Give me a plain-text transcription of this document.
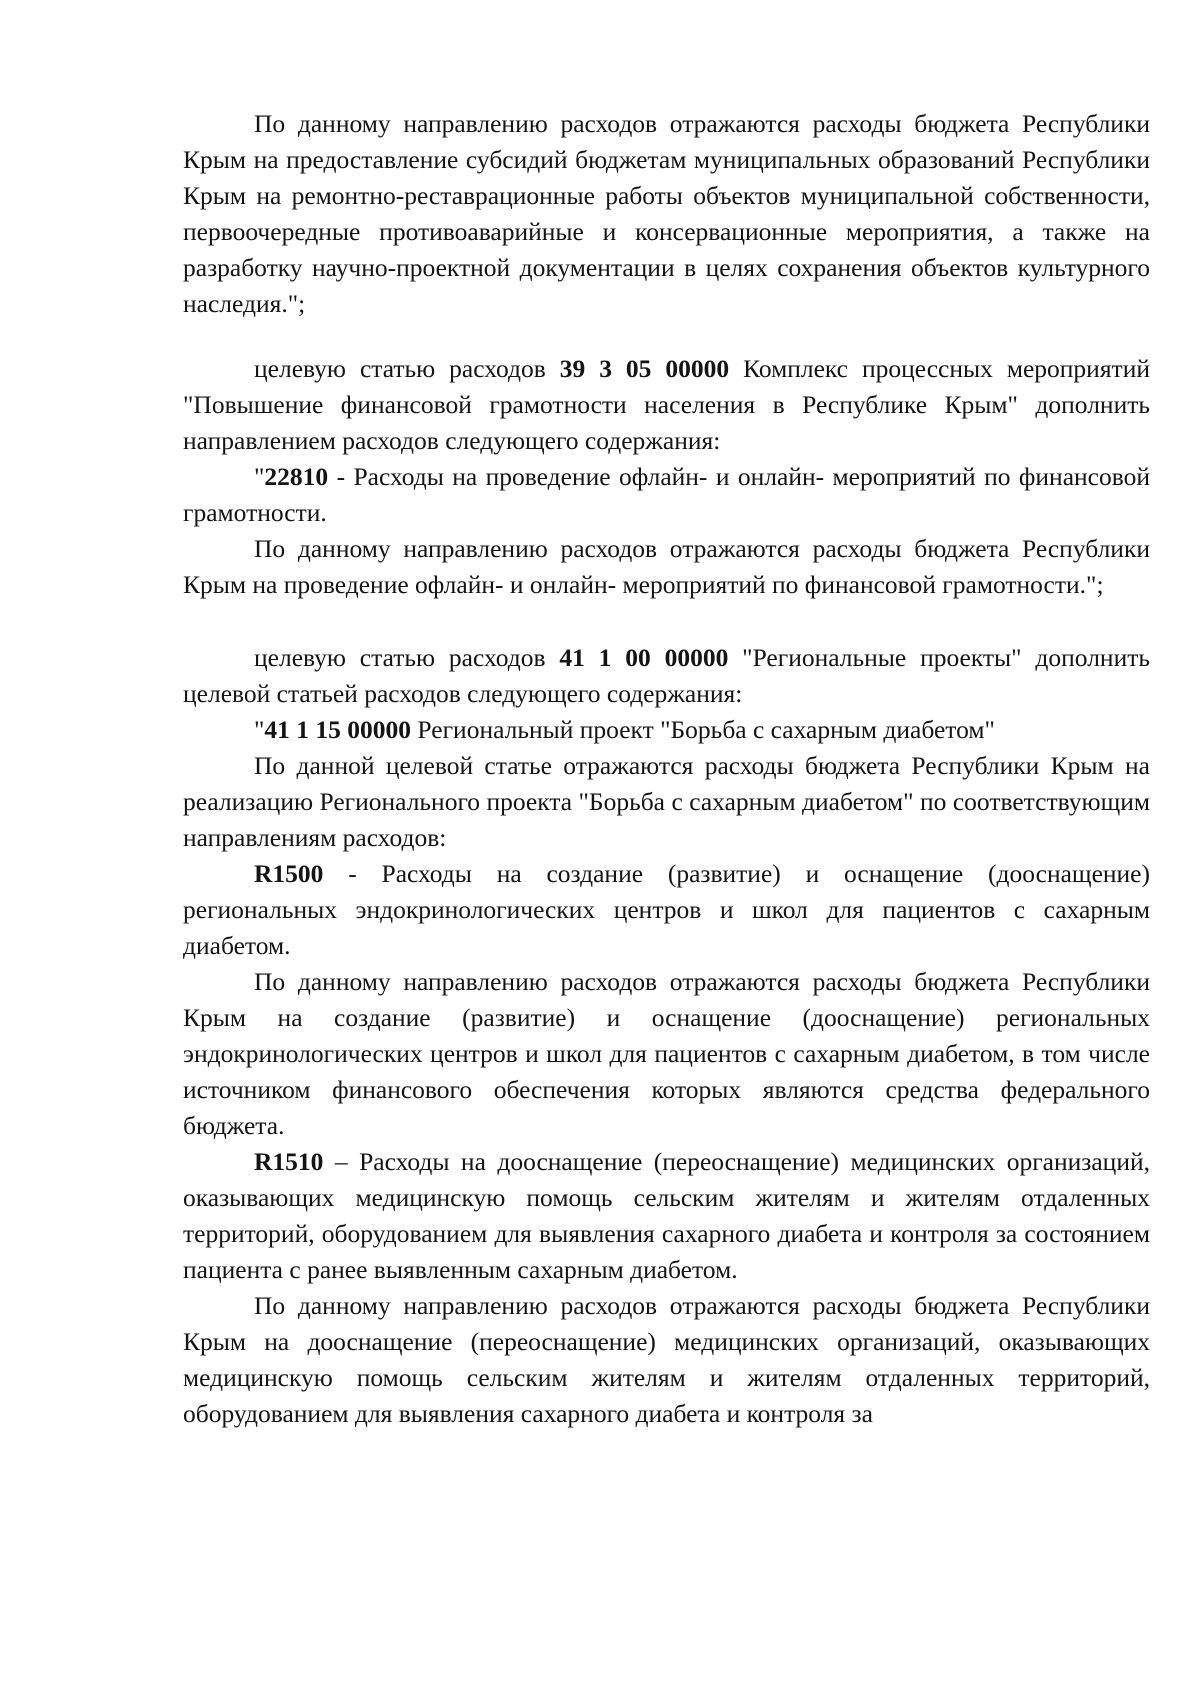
По данному направлению расходов отражаются расходы бюджета Республики Крым на предоставление субсидий бюджетам муниципальных образований Республики Крым на ремонтно-реставрационные работы объектов муниципальной собственности, первоочередные противоаварийные и консервационные мероприятия, а также на разработку научно-проектной документации в целях сохранения объектов культурного наследия.";

целевую статью расходов 39 3 05 00000 Комплекс процессных мероприятий "Повышение финансовой грамотности населения в Республике Крым" дополнить направлением расходов следующего содержания:

"22810 - Расходы на проведение офлайн- и онлайн- мероприятий по финансовой грамотности.

По данному направлению расходов отражаются расходы бюджета Республики Крым на проведение офлайн- и онлайн- мероприятий по финансовой грамотности.";

целевую статью расходов 41 1 00 00000 "Региональные проекты" дополнить целевой статьей расходов следующего содержания:

"41 1 15 00000 Региональный проект "Борьба с сахарным диабетом"

По данной целевой статье отражаются расходы бюджета Республики Крым на реализацию Регионального проекта "Борьба с сахарным диабетом" по соответствующим направлениям расходов:

R1500 - Расходы на создание (развитие) и оснащение (дооснащение) региональных эндокринологических центров и школ для пациентов с сахарным диабетом.

По данному направлению расходов отражаются расходы бюджета Республики Крым на создание (развитие) и оснащение (дооснащение) региональных эндокринологических центров и школ для пациентов с сахарным диабетом, в том числе источником финансового обеспечения которых являются средства федерального бюджета.

R1510 – Расходы на дооснащение (переоснащение) медицинских организаций, оказывающих медицинскую помощь сельским жителям и жителям отдаленных территорий, оборудованием для выявления сахарного диабета и контроля за состоянием пациента с ранее выявленным сахарным диабетом.

По данному направлению расходов отражаются расходы бюджета Республики Крым на дооснащение (переоснащение) медицинских организаций, оказывающих медицинскую помощь сельским жителям и жителям отдаленных территорий, оборудованием для выявления сахарного диабета и контроля за
